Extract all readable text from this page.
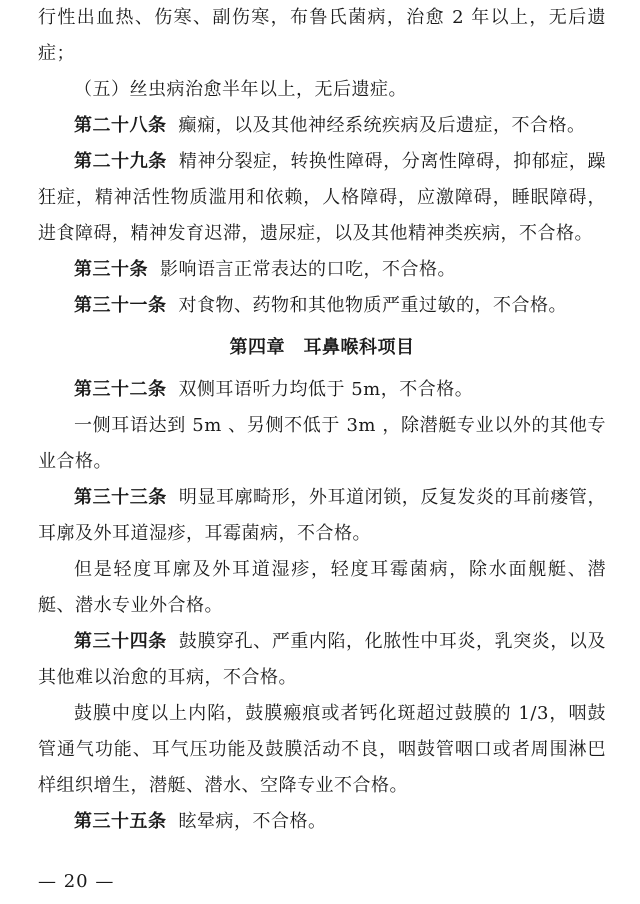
行性出血热、伤寒、副伤寒，布鲁氏菌病，治愈 2 年以上，无后遗症；

（五）丝虫病治愈半年以上，无后遗症。

第二十八条 癫痫，以及其他神经系统疾病及后遗症，不合格。

第二十九条 精神分裂症，转换性障碍，分离性障碍，抑郁症，躁狂症，精神活性物质滥用和依赖，人格障碍，应激障碍，睡眠障碍，进食障碍，精神发育迟滞，遗尿症，以及其他精神类疾病，不合格。

第三十条 影响语言正常表达的口吃，不合格。

第三十一条 对食物、药物和其他物质严重过敏的，不合格。

第四章　耳鼻喉科项目

第三十二条 双侧耳语听力均低于 5m，不合格。

一侧耳语达到 5m 、另侧不低于 3m ，除潜艇专业以外的其他专业合格。

第三十三条 明显耳廓畸形，外耳道闭锁，反复发炎的耳前瘘管，耳廓及外耳道湿疹，耳霉菌病，不合格。

但是轻度耳廓及外耳道湿疹，轻度耳霉菌病，除水面舰艇、潜艇、潜水专业外合格。

第三十四条 鼓膜穿孔、严重内陷，化脓性中耳炎，乳突炎，以及其他难以治愈的耳病，不合格。

鼓膜中度以上内陷，鼓膜瘢痕或者钙化斑超过鼓膜的 1/3，咽鼓管通气功能、耳气压功能及鼓膜活动不良，咽鼓管咽口或者周围淋巴样组织增生，潜艇、潜水、空降专业不合格。

第三十五条 眩晕病，不合格。

— 20 —
